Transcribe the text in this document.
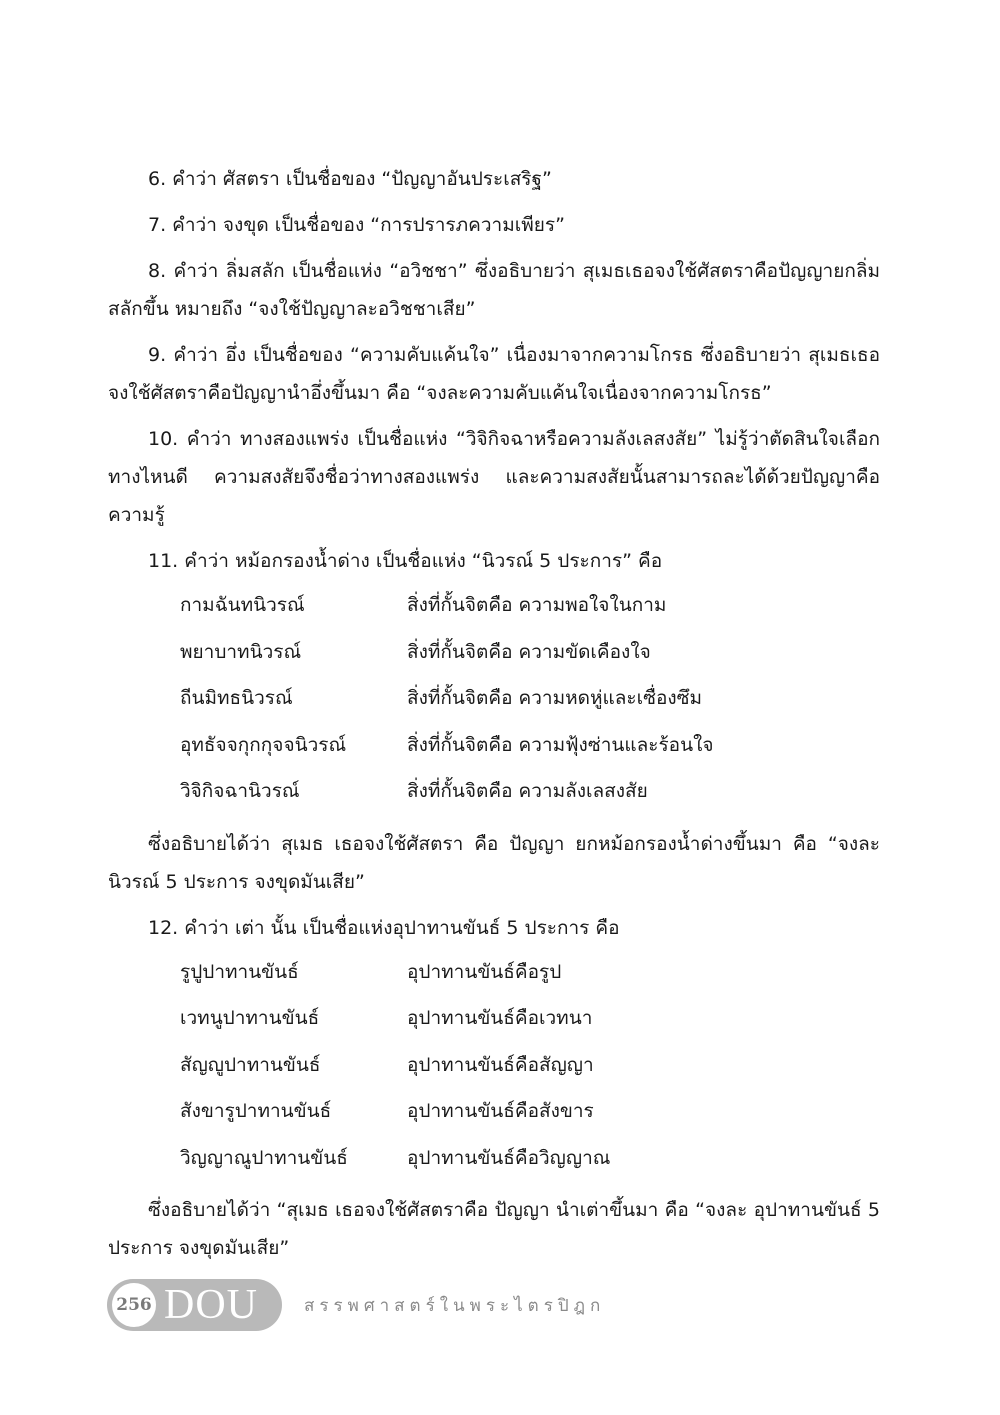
6. คำว่า ศัสตรา เป็นชื่อของ “ปัญญาอันประเสริฐ”

7. คำว่า จงขุด เป็นชื่อของ “การปรารภความเพียร”

8. คำว่า ลิ่มสลัก เป็นชื่อแห่ง “อวิชชา” ซึ่งอธิบายว่า สุเมธเธอจงใช้ศัสตราคือปัญญายกลิ่มสลักขึ้น หมายถึง “จงใช้ปัญญาละอวิชชาเสีย”

9. คำว่า อึ่ง เป็นชื่อของ “ความคับแค้นใจ” เนื่องมาจากความโกรธ ซึ่งอธิบายว่า สุเมธเธอจงใช้ศัสตราคือปัญญานำอึ่งขึ้นมา คือ “จงละความคับแค้นใจเนื่องจากความโกรธ”

10. คำว่า ทางสองแพร่ง เป็นชื่อแห่ง “วิจิกิจฉาหรือความลังเลสงสัย” ไม่รู้ว่าตัดสินใจเลือกทางไหนดี ความสงสัยจึงชื่อว่าทางสองแพร่ง และความสงสัยนั้นสามารถละได้ด้วยปัญญาคือความรู้

11. คำว่า หม้อกรองน้ำด่าง เป็นชื่อแห่ง “นิวรณ์ 5 ประการ” คือ

กามฉันทนิวรณ์	สิ่งที่กั้นจิตคือ ความพอใจในกาม
พยาบาทนิวรณ์	สิ่งที่กั้นจิตคือ ความขัดเคืองใจ
ถีนมิทธนิวรณ์	สิ่งที่กั้นจิตคือ ความหดหู่และเซื่องซึม
อุทธัจจกุกกุจจนิวรณ์	สิ่งที่กั้นจิตคือ ความฟุ้งซ่านและร้อนใจ
วิจิกิจฉานิวรณ์	สิ่งที่กั้นจิตคือ ความลังเลสงสัย

ซึ่งอธิบายได้ว่า สุเมธ เธอจงใช้ศัสตรา คือ ปัญญา ยกหม้อกรองน้ำด่างขึ้นมา คือ “จงละนิวรณ์ 5 ประการ จงขุดมันเสีย”

12. คำว่า เต่า นั้น เป็นชื่อแห่งอุปาทานขันธ์ 5 ประการ คือ

รูปูปาทานขันธ์	อุปาทานขันธ์คือรูป
เวทนูปาทานขันธ์	อุปาทานขันธ์คือเวทนา
สัญญูปาทานขันธ์	อุปาทานขันธ์คือสัญญา
สังขารูปาทานขันธ์	อุปาทานขันธ์คือสังขาร
วิญญาณูปาทานขันธ์	อุปาทานขันธ์คือวิญญาณ

ซึ่งอธิบายได้ว่า “สุเมธ เธอจงใช้ศัสตราคือ ปัญญา นำเต่าขึ้นมา คือ “จงละ อุปาทานขันธ์ 5 ประการ จงขุดมันเสีย”

256 DOU	สรรพศาสตร์ในพระไตรปิฎก
